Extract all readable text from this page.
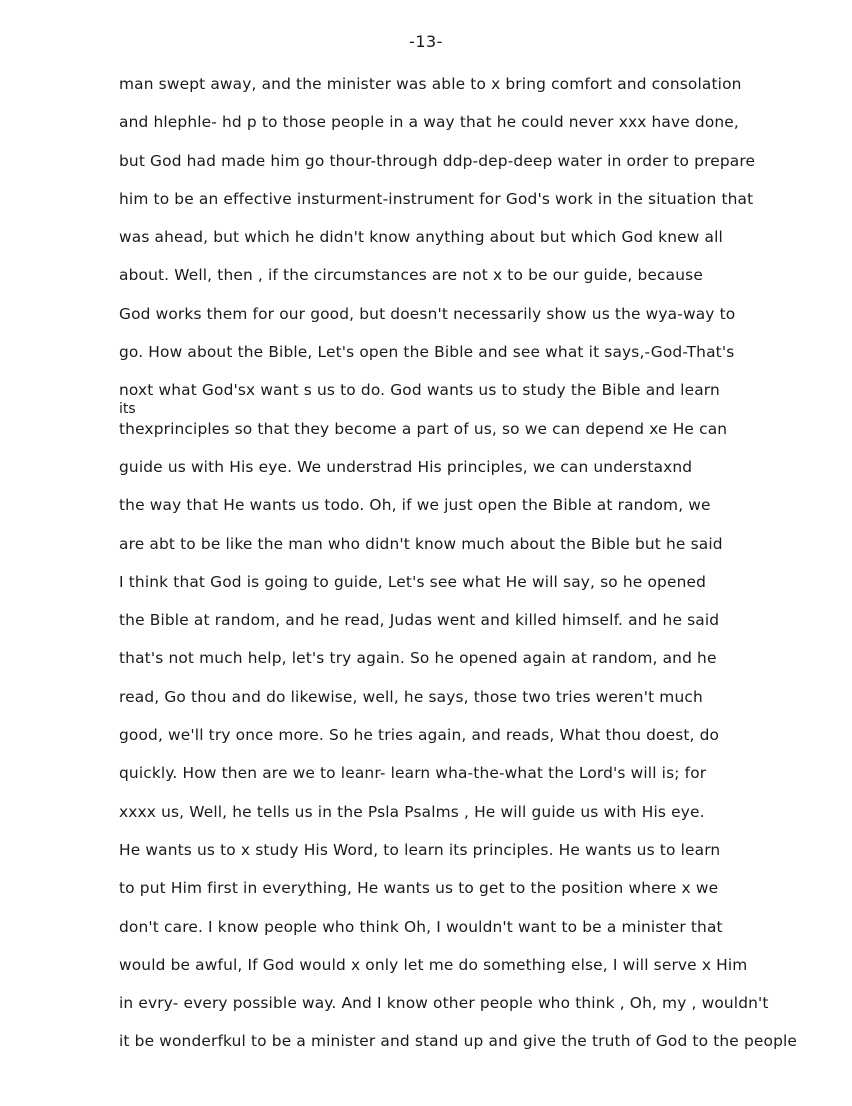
-13-
its
man swept away, and the minister was able to x bring comfort and consolation
and hlephle- hd p to those people in a way that he could never xxx have done,
but God had made him go thour-through ddp-dep-deep water in order to prepare
him to be an effective insturment-instrument for God's work in the situation that
was ahead, but which he didn't know anything about but which God knew all
about. Well, then , if the circumstances are not x to be our guide, because
God works them for our good, but doesn't necessarily show us the wya-way to
go. How about the Bible, Let's open the Bible and see what it says,-God-That's
noxt what God'sx want s us to do. God wants us to study the Bible and learn
thexprinciples so that they become a part of us, so we can depend xe He can
guide us with His eye. We understrad His principles, we can understaxnd
the way that He wants us todo. Oh, if we just open the Bible at random, we
are abt to be like the man who didn't know much about the Bible but he said
I think that God is going to guide, Let's see what He will say, so he opened
the Bible at random, and he read, Judas went and killed himself. and he said
that's not much help, let's try again. So he opened again at random, and he
read, Go thou and do likewise, well, he says, those two tries weren't much
good, we'll try once more. So he tries again, and reads, What thou doest, do
quickly. How then are we to leanr- learn wha-the-what the Lord's will is; for
xxxx us, Well, he tells us in the Psla Psalms , He will guide us with His eye.
He wants us to x study His Word, to learn its principles. He wants us to learn
to put Him first in everything, He wants us to get to the position where x we
don't care. I know people who think Oh, I wouldn't want to be a minister that
would be awful, If God would x only let me do something else, I will serve x Him
in evry- every possible way. And I know other people who think , Oh, my , wouldn't
it be wonderfkul to be a minister and stand up and give the truth of God to the people
